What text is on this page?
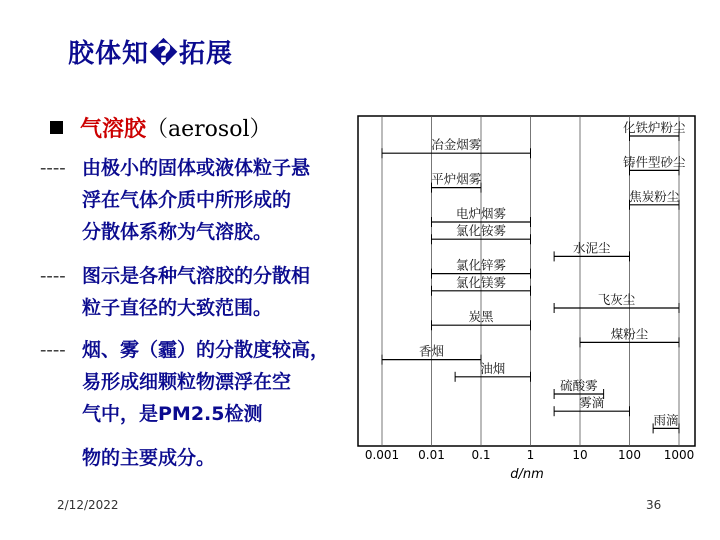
胶体知�拓展
气溶胶（aerosol）
---- 由极小的固体或液体粒子悬
浮在气体介质中所形成的
分散体系称为气溶胶。
---- 图示是各种气溶胶的分散相
粒子直径的大致范围。
---- 烟、雾（霾）的分散度较高，
易形成细颗粒物漂浮在空
气中，是PM2.5检测
物的主要成分。
化铁炉粉尘
冶金烟雾
铸件型砂尘
平炉烟雾
焦炭粉尘
电炉烟雾
氯化铵雾
水泥尘
氯化锌雾
氯化镁雾
飞灰尘
炭黑
煤粉尘
香烟
油烟
硫酸雾
雾滴
雨滴
0.001 0.01 0.1	1	10	100 1000
d/nm
2/12/2022	36
